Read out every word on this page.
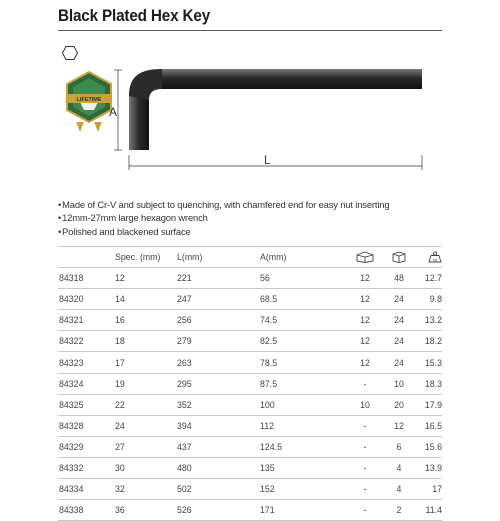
Black Plated Hex Key
LIFETIME
A
L
• Made of Cr-V and subject to quenching, with chamfered end for easy nut inserting
• 12mm-27mm large hexagon wrench
• Polished and blackened surface
	Spec. (mm)	L(mm)	A(mm)			kg

84318	12	221	56	12	48	12.7
84320	14	247	68.5	12	24	9.8
84321	16	256	74.5	12	24	13.2
84322	18	279	82.5	12	24	18.2
84323	17	263	78.5	12	24	15.3
84324	19	295	87.5	-	10	18.3
84325	22	352	100	10	20	17.9
84328	24	394	112	-	12	16.5
84329	27	437	124.5	-	6	15.6
84332	30	480	135	-	4	13.9
84334	32	502	152	-	4	17
84338	36	526	171	-	2	11.4
